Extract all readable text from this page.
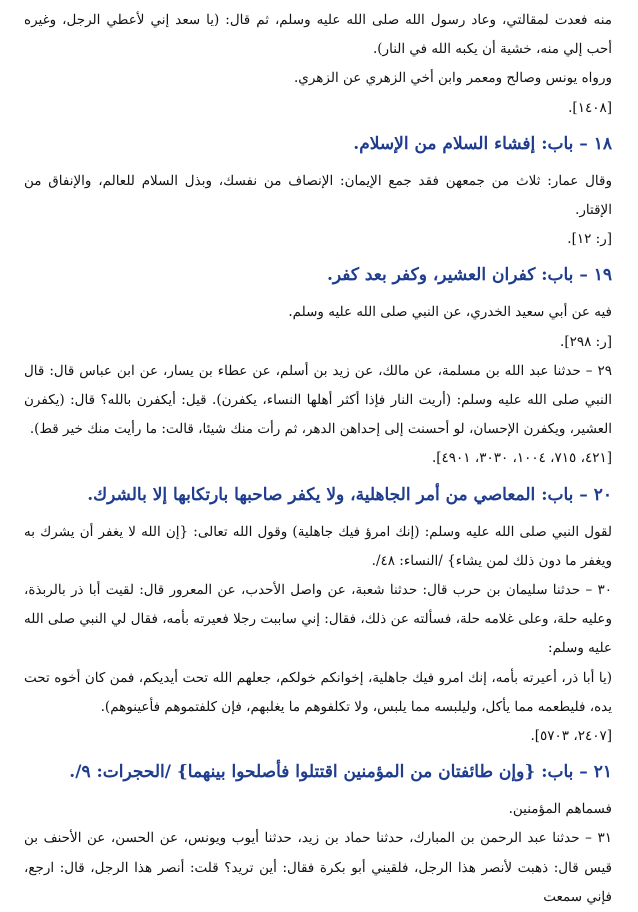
منه فعدت لمقالتي، وعاد رسول الله صلى الله عليه وسلم، ثم قال: (يا سعد إني لأعطي الرجل، وغيره أحب إلي منه، خشية أن يكبه الله في النار).

ورواه يونس وصالح ومعمر وابن أخي الزهري عن الزهري.

[١٤٠٨].

١٨ – باب: إفشاء السلام من الإسلام.

وقال عمار: ثلاث من جمعهن فقد جمع الإيمان: الإنصاف من نفسك، وبذل السلام للعالم، والإنفاق من الإقتار.

[ر: ١٢].

١٩ – باب: كفران العشير، وكفر بعد كفر.

فيه عن أبي سعيد الخدري، عن النبي صلى الله عليه وسلم.

[ر: ٢٩٨].

٢٩ – حدثنا عبد الله بن مسلمة، عن مالك، عن زيد بن أسلم، عن عطاء بن يسار، عن ابن عباس قال: قال النبي صلى الله عليه وسلم: (أريت النار فإذا أكثر أهلها النساء، يكفرن). قيل: أيكفرن بالله؟ قال: (يكفرن العشير، ويكفرن الإحسان، لو أحسنت إلى إحداهن الدهر، ثم رأت منك شيئا، قالت: ما رأيت منك خير قط).

[٤٢١، ٧١٥، ١٠٠٤، ٣٠٣٠، ٤٩٠١].

٢٠ – باب: المعاصي من أمر الجاهلية، ولا يكفر صاحبها بارتكابها إلا بالشرك.

لقول النبي صلى الله عليه وسلم: (إنك امرؤ فيك جاهلية) وقول الله تعالى: {إن الله لا يغفر أن يشرك به ويغفر ما دون ذلك لمن يشاء} /النساء: ٤٨/.

٣٠ – حدثنا سليمان بن حرب قال: حدثنا شعبة، عن واصل الأحدب، عن المعرور قال: لقيت أبا ذر بالربذة، وعليه حلة، وعلى غلامه حلة، فسألته عن ذلك، فقال: إني ساببت رجلا فعيرته بأمه، فقال لي النبي صلى الله عليه وسلم:

(يا أبا ذر، أعيرته بأمه، إنك امرو فيك جاهلية، إخوانكم خولكم، جعلهم الله تحت أيديكم، فمن كان أخوه تحت يده، فليطعمه مما يأكل، وليلبسه مما يلبس، ولا تكلفوهم ما يغلبهم، فإن كلفتموهم فأعينوهم).

[٢٤٠٧، ٥٧٠٣].

٢١ – باب: {وإن طائفتان من المؤمنين اقتتلوا فأصلحوا بينهما} /الحجرات: ٩/.

فسماهم المؤمنين.

٣١ – حدثنا عبد الرحمن بن المبارك، حدثنا حماد بن زيد، حدثنا أيوب ويونس، عن الحسن، عن الأحنف بن قيس قال: ذهبت لأنصر هذا الرجل، فلقيني أبو بكرة فقال: أين تريد؟ قلت: أنصر هذا الرجل، قال: ارجع، فإني سمعت
